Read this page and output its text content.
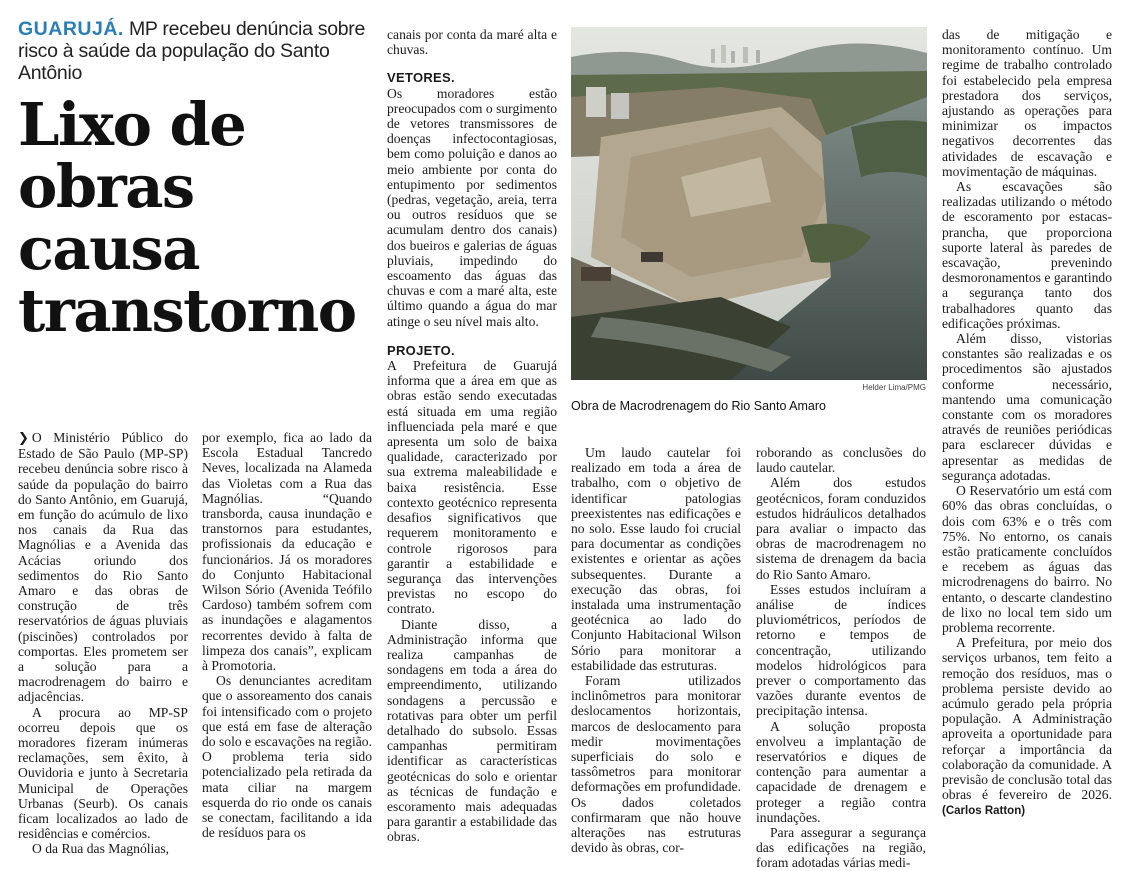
GUARUJÁ. MP recebeu denúncia sobre risco à saúde da população do Santo Antônio
Lixo de
obras
causa
transtorno

canais por conta da maré alta e chuvas.

VETORES.

Os moradores estão preocupados com o surgimento de vetores transmissores de doenças infectocontagiosas, bem como poluição e danos ao meio ambiente por conta do entupimento por sedimentos (pedras, vegetação, areia, terra ou outros resíduos que se acumulam dentro dos canais) dos bueiros e galerias de águas pluviais, impedindo do escoamento das águas das chuvas e com a maré alta, este último quando a água do mar atinge o seu nível mais alto.

PROJETO.

A Prefeitura de Guarujá informa que a área em que as obras estão sendo executadas está situada em uma região influenciada pela maré e que apresenta um solo de baixa qualidade, caracterizado por sua extrema maleabilidade e baixa resistência. Esse contexto geotécnico representa desafios significativos que requerem monitoramento e controle rigorosos para garantir a estabilidade e segurança das intervenções previstas no escopo do contrato.

Diante disso, a Administração informa que realiza campanhas de sondagens em toda a área do empreendimento, utilizando sondagens a percussão e rotativas para obter um perfil detalhado do subsolo. Essas campanhas permitiram identificar as características geotécnicas do solo e orientar as técnicas de fundação e escoramento mais adequadas para garantir a estabilidade das obras.

❯ O Ministério Público do Estado de São Paulo (MP-SP) recebeu denúncia sobre risco à saúde da população do bairro do Santo Antônio, em Guarujá, em função do acúmulo de lixo nos canais da Rua das Magnólias e a Avenida das Acácias oriundo dos sedimentos do Rio Santo Amaro e das obras de construção de três reservatórios de águas pluviais (piscinões) controlados por comportas. Eles prometem ser a solução para a macrodrenagem do bairro e adjacências.

A procura ao MP-SP ocorreu depois que os moradores fizeram inúmeras reclamações, sem êxito, à Ouvidoria e junto à Secretaria Municipal de Operações Urbanas (Seurb). Os canais ficam localizados ao lado de residências e comércios.

O da Rua das Magnólias,

por exemplo, fica ao lado da Escola Estadual Tancredo Neves, localizada na Alameda das Violetas com a Rua das Magnólias. “Quando transborda, causa inundação e transtornos para estudantes, profissionais da educação e funcionários. Já os moradores do Conjunto Habitacional Wilson Sório (Avenida Teófilo Cardoso) também sofrem com as inundações e alagamentos recorrentes devido à falta de limpeza dos canais”, explicam à Promotoria.

Os denunciantes acreditam que o assoreamento dos canais foi intensificado com o projeto que está em fase de alteração do solo e escavações na região. O problema teria sido potencializado pela retirada da mata ciliar na margem esquerda do rio onde os canais se conectam, facilitando a ida de resíduos para os

Helder Lima/PMG
Obra de Macrodrenagem do Rio Santo Amaro

Um laudo cautelar foi realizado em toda a área de trabalho, com o objetivo de identificar patologias preexistentes nas edificações e no solo. Esse laudo foi crucial para documentar as condições existentes e orientar as ações subsequentes. Durante a execução das obras, foi instalada uma instrumentação geotécnica ao lado do Conjunto Habitacional Wilson Sório para monitorar a estabilidade das estruturas.

Foram utilizados inclinômetros para monitorar deslocamentos horizontais, marcos de deslocamento para medir movimentações superficiais do solo e tassômetros para monitorar deformações em profundidade. Os dados coletados confirmaram que não houve alterações nas estruturas devido às obras, cor-

roborando as conclusões do laudo cautelar.

Além dos estudos geotécnicos, foram conduzidos estudos hidráulicos detalhados para avaliar o impacto das obras de macrodrenagem no sistema de drenagem da bacia do Rio Santo Amaro.

Esses estudos incluíram a análise de índices pluviométricos, períodos de retorno e tempos de concentração, utilizando modelos hidrológicos para prever o comportamento das vazões durante eventos de precipitação intensa.

A solução proposta envolveu a implantação de reservatórios e diques de contenção para aumentar a capacidade de drenagem e proteger a região contra inundações.

Para assegurar a segurança das edificações na região, foram adotadas várias medi-

das de mitigação e monitoramento contínuo. Um regime de trabalho controlado foi estabelecido pela empresa prestadora dos serviços, ajustando as operações para minimizar os impactos negativos decorrentes das atividades de escavação e movimentação de máquinas.

As escavações são realizadas utilizando o método de escoramento por estacas-prancha, que proporciona suporte lateral às paredes de escavação, prevenindo desmoronamentos e garantindo a segurança tanto dos trabalhadores quanto das edificações próximas.

Além disso, vistorias constantes são realizadas e os procedimentos são ajustados conforme necessário, mantendo uma comunicação constante com os moradores através de reuniões periódicas para esclarecer dúvidas e apresentar as medidas de segurança adotadas.

O Reservatório um está com 60% das obras concluídas, o dois com 63% e o três com 75%. No entorno, os canais estão praticamente concluídos e recebem as águas das microdrenagens do bairro. No entanto, o descarte clandestino de lixo no local tem sido um problema recorrente.

A Prefeitura, por meio dos serviços urbanos, tem feito a remoção dos resíduos, mas o problema persiste devido ao acúmulo gerado pela própria população. A Administração aproveita a oportunidade para reforçar a importância da colaboração da comunidade. A previsão de conclusão total das obras é fevereiro de 2026. (Carlos Ratton)
